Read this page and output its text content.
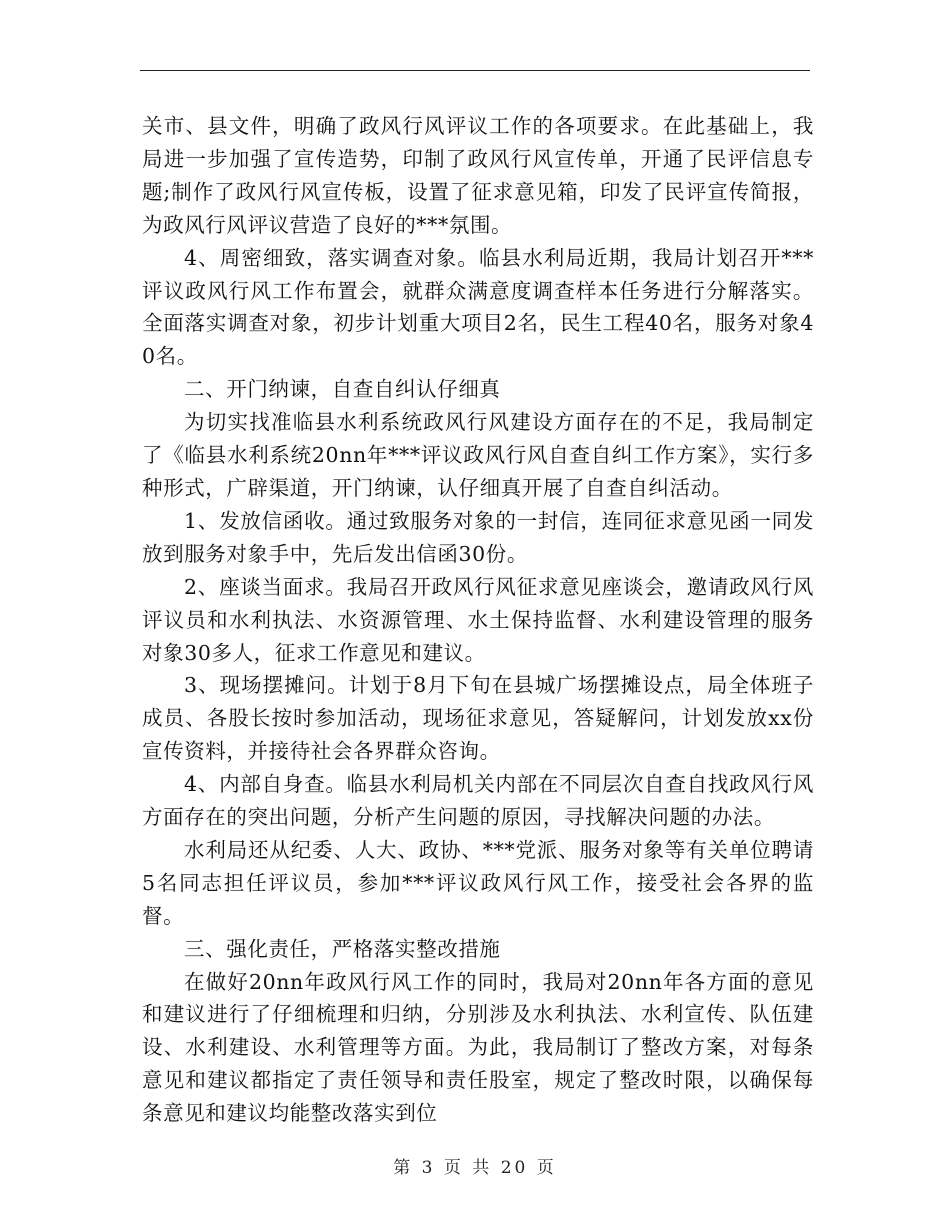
关市、县文件，明确了政风行风评议工作的各项要求。在此基础上，我局进一步加强了宣传造势，印制了政风行风宣传单，开通了民评信息专题;制作了政风行风宣传板，设置了征求意见箱，印发了民评宣传简报，为政风行风评议营造了良好的***氛围。

4、周密细致，落实调查对象。临县水利局近期，我局计划召开***评议政风行风工作布置会，就群众满意度调查样本任务进行分解落实。全面落实调查对象，初步计划重大项目2名，民生工程40名，服务对象40名。

二、开门纳谏，自查自纠认仔细真

为切实找准临县水利系统政风行风建设方面存在的不足，我局制定了《临县水利系统20nn年***评议政风行风自查自纠工作方案》，实行多种形式，广辟渠道，开门纳谏，认仔细真开展了自查自纠活动。

1、发放信函收。通过致服务对象的一封信，连同征求意见函一同发放到服务对象手中，先后发出信函30份。

2、座谈当面求。我局召开政风行风征求意见座谈会，邀请政风行风评议员和水利执法、水资源管理、水土保持监督、水利建设管理的服务对象30多人，征求工作意见和建议。

3、现场摆摊问。计划于8月下旬在县城广场摆摊设点，局全体班子成员、各股长按时参加活动，现场征求意见，答疑解问，计划发放xx份宣传资料，并接待社会各界群众咨询。

4、内部自身查。临县水利局机关内部在不同层次自查自找政风行风方面存在的突出问题，分析产生问题的原因，寻找解决问题的办法。

水利局还从纪委、人大、政协、***党派、服务对象等有关单位聘请5名同志担任评议员，参加***评议政风行风工作，接受社会各界的监督。

三、强化责任，严格落实整改措施

在做好20nn年政风行风工作的同时，我局对20nn年各方面的意见和建议进行了仔细梳理和归纳，分别涉及水利执法、水利宣传、队伍建设、水利建设、水利管理等方面。为此，我局制订了整改方案，对每条意见和建议都指定了责任领导和责任股室，规定了整改时限，以确保每条意见和建议均能整改落实到位

第 3 页 共 20 页
